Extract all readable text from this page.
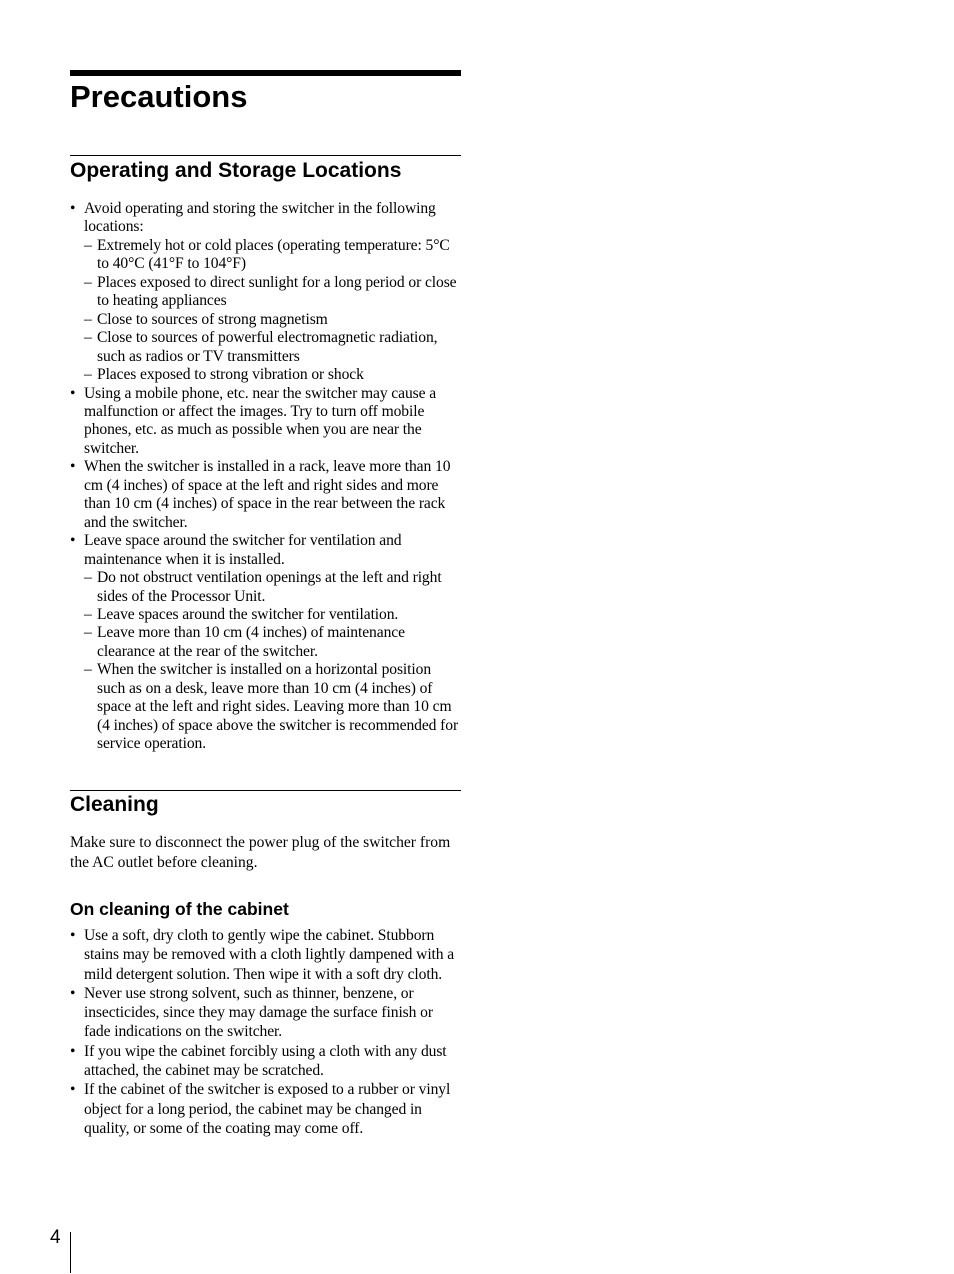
Precautions
Operating and Storage Locations
• Avoid operating and storing the switcher in the following locations:
– Extremely hot or cold places (operating temperature: 5°C to 40°C (41°F to 104°F)
– Places exposed to direct sunlight for a long period or close to heating appliances
– Close to sources of strong magnetism
– Close to sources of powerful electromagnetic radiation, such as radios or TV transmitters
– Places exposed to strong vibration or shock
• Using a mobile phone, etc. near the switcher may cause a malfunction or affect the images. Try to turn off mobile phones, etc. as much as possible when you are near the switcher.
• When the switcher is installed in a rack, leave more than 10 cm (4 inches) of space at the left and right sides and more than 10 cm (4 inches) of space in the rear between the rack and the switcher.
• Leave space around the switcher for ventilation and maintenance when it is installed.
– Do not obstruct ventilation openings at the left and right sides of the Processor Unit.
– Leave spaces around the switcher for ventilation.
– Leave more than 10 cm (4 inches) of maintenance clearance at the rear of the switcher.
– When the switcher is installed on a horizontal position such as on a desk, leave more than 10 cm (4 inches) of space at the left and right sides. Leaving more than 10 cm (4 inches) of space above the switcher is recommended for service operation.
Cleaning

Make sure to disconnect the power plug of the switcher from the AC outlet before cleaning.

On cleaning of the cabinet
• Use a soft, dry cloth to gently wipe the cabinet. Stubborn stains may be removed with a cloth lightly dampened with a mild detergent solution. Then wipe it with a soft dry cloth.
• Never use strong solvent, such as thinner, benzene, or insecticides, since they may damage the surface finish or fade indications on the switcher.
• If you wipe the cabinet forcibly using a cloth with any dust attached, the cabinet may be scratched.
• If the cabinet of the switcher is exposed to a rubber or vinyl object for a long period, the cabinet may be changed in quality, or some of the coating may come off.
4
